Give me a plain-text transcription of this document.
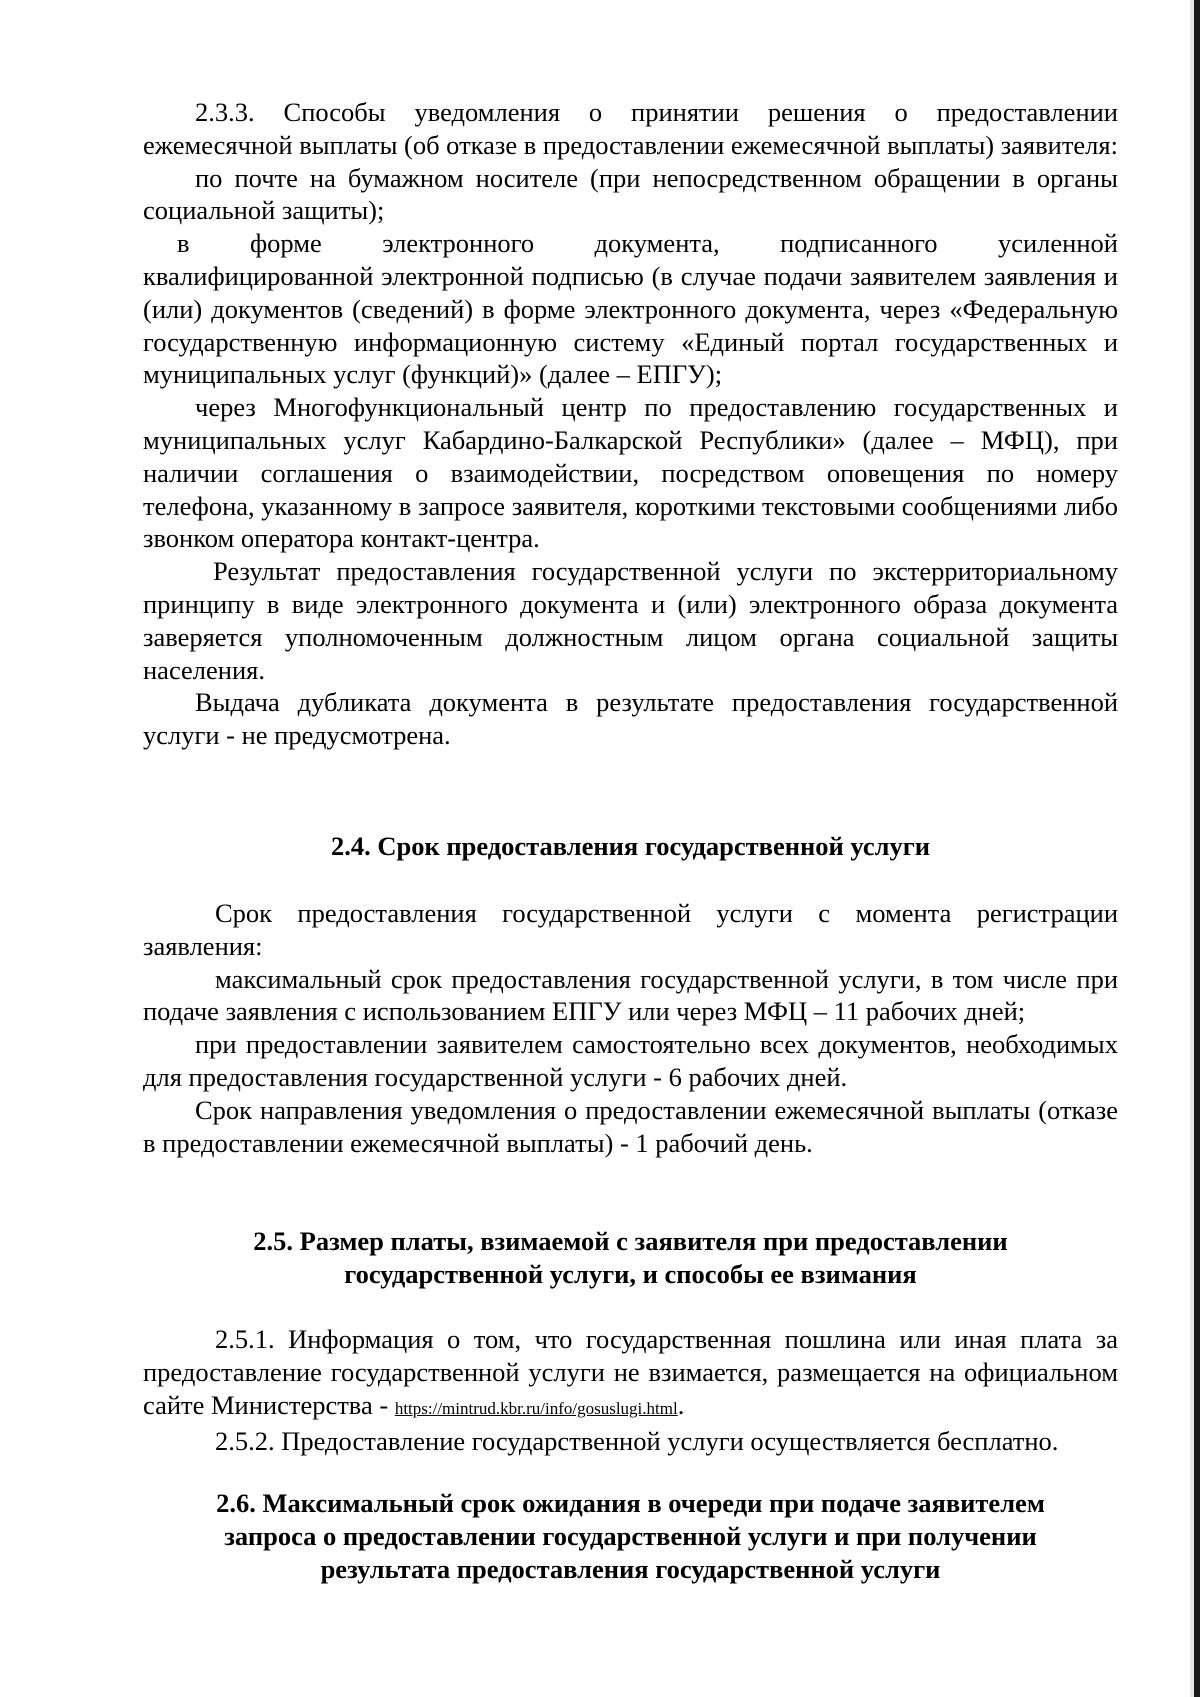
2.3.3. Способы уведомления о принятии решения о предоставлении ежемесячной выплаты (об отказе в предоставлении ежемесячной выплаты) заявителя:

по почте на бумажном носителе (при непосредственном обращении в органы социальной защиты);

в форме электронного документа, подписанного усиленной

квалифицированной электронной подписью (в случае подачи заявителем заявления и (или) документов (сведений) в форме электронного документа, через «Федеральную государственную информационную систему «Единый портал государственных и муниципальных услуг (функций)» (далее – ЕПГУ);

через Многофункциональный центр по предоставлению государственных и муниципальных услуг Кабардино-Балкарской Республики» (далее – МФЦ), при наличии соглашения о взаимодействии, посредством оповещения по номеру телефона, указанному в запросе заявителя, короткими текстовыми сообщениями либо звонком оператора контакт-центра.

Результат предоставления государственной услуги по экстерриториальному принципу в виде электронного документа и (или) электронного образа документа заверяется уполномоченным должностным лицом органа социальной защиты населения.

Выдача дубликата документа в результате предоставления государственной услуги - не предусмотрена.

2.4. Срок предоставления государственной услуги

Срок предоставления государственной услуги с момента регистрации заявления:

максимальный срок предоставления государственной услуги, в том числе при подаче заявления с использованием ЕПГУ или через МФЦ – 11 рабочих дней;

при предоставлении заявителем самостоятельно всех документов, необходимых для предоставления государственной услуги - 6 рабочих дней.

Срок направления уведомления о предоставлении ежемесячной выплаты (отказе в предоставлении ежемесячной выплаты) - 1 рабочий день.

2.5. Размер платы, взимаемой с заявителя при предоставлении

государственной услуги, и способы ее взимания

2.5.1. Информация о том, что государственная пошлина или иная плата за предоставление государственной услуги не взимается, размещается на официальном сайте Министерства - https://mintrud.kbr.ru/info/gosuslugi.html.

2.5.2. Предоставление государственной услуги осуществляется бесплатно.

2.6. Максимальный срок ожидания в очереди при подаче заявителем

запроса о предоставлении государственной услуги и при получении

результата предоставления государственной услуги
